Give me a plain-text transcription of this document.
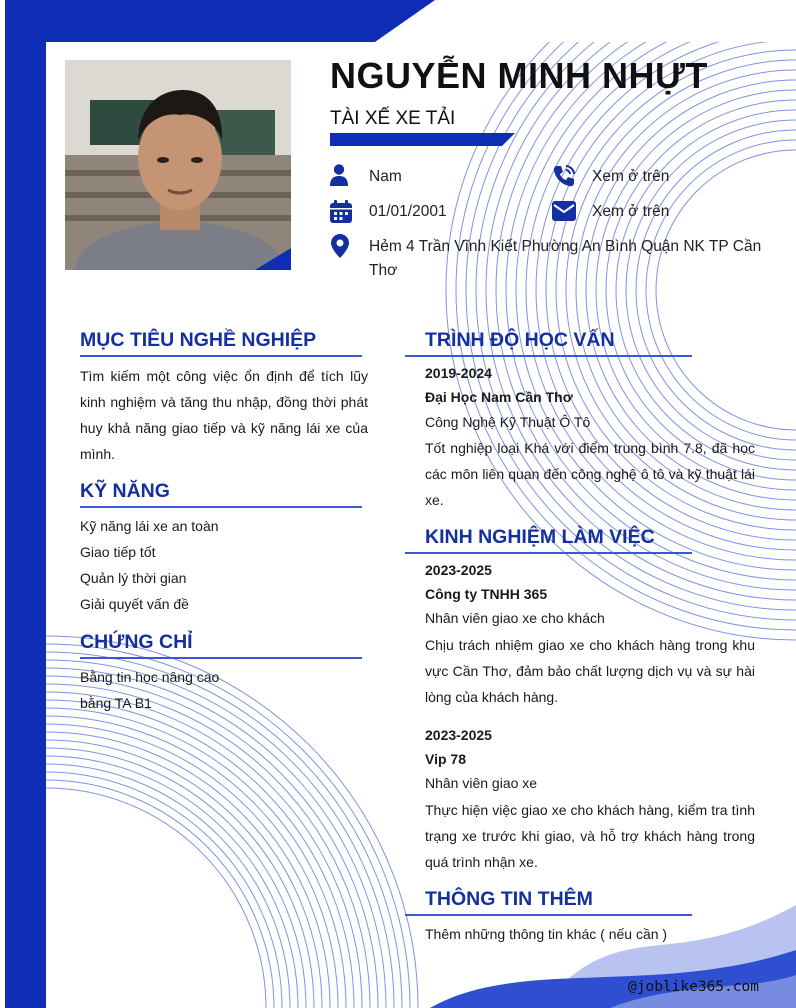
NGUYỄN MINH NHỰT
TÀI XẾ XE TẢI
Nam
01/01/2001
Hẻm 4 Trần Vĩnh Kiết Phường An Bình Quận NK TP Cần Thơ
Xem ở trên
Xem ở trên
MỤC TIÊU NGHỀ NGHIỆP

Tìm kiếm một công việc ổn định để tích lũy kinh nghiệm và tăng thu nhập, đồng thời phát huy khả năng giao tiếp và kỹ năng lái xe của mình.

KỸ NĂNG
Kỹ năng lái xe an toàn
Giao tiếp tốt
Quản lý thời gian
Giải quyết vấn đề
CHỨNG CHỈ
Bằng tin học nâng cao
bằng TA B1
TRÌNH ĐỘ HỌC VẤN
2019-2024
Đại Học Nam Cần Thơ
Công Nghệ Kỹ Thuật Ô Tô

Tốt nghiệp loại Khá với điểm trung bình 7.8, đã học các môn liên quan đến công nghệ ô tô và kỹ thuật lái xe.

KINH NGHIỆM LÀM VIỆC
2023-2025
Công ty TNHH 365
Nhân viên giao xe cho khách

Chịu trách nhiệm giao xe cho khách hàng trong khu vực Cần Thơ, đảm bảo chất lượng dịch vụ và sự hài lòng của khách hàng.

2023-2025
Vip 78
Nhân viên giao xe

Thực hiện việc giao xe cho khách hàng, kiểm tra tình trạng xe trước khi giao, và hỗ trợ khách hàng trong quá trình nhận xe.

THÔNG TIN THÊM
Thêm những thông tin khác ( nếu cần )
@joblike365.com
